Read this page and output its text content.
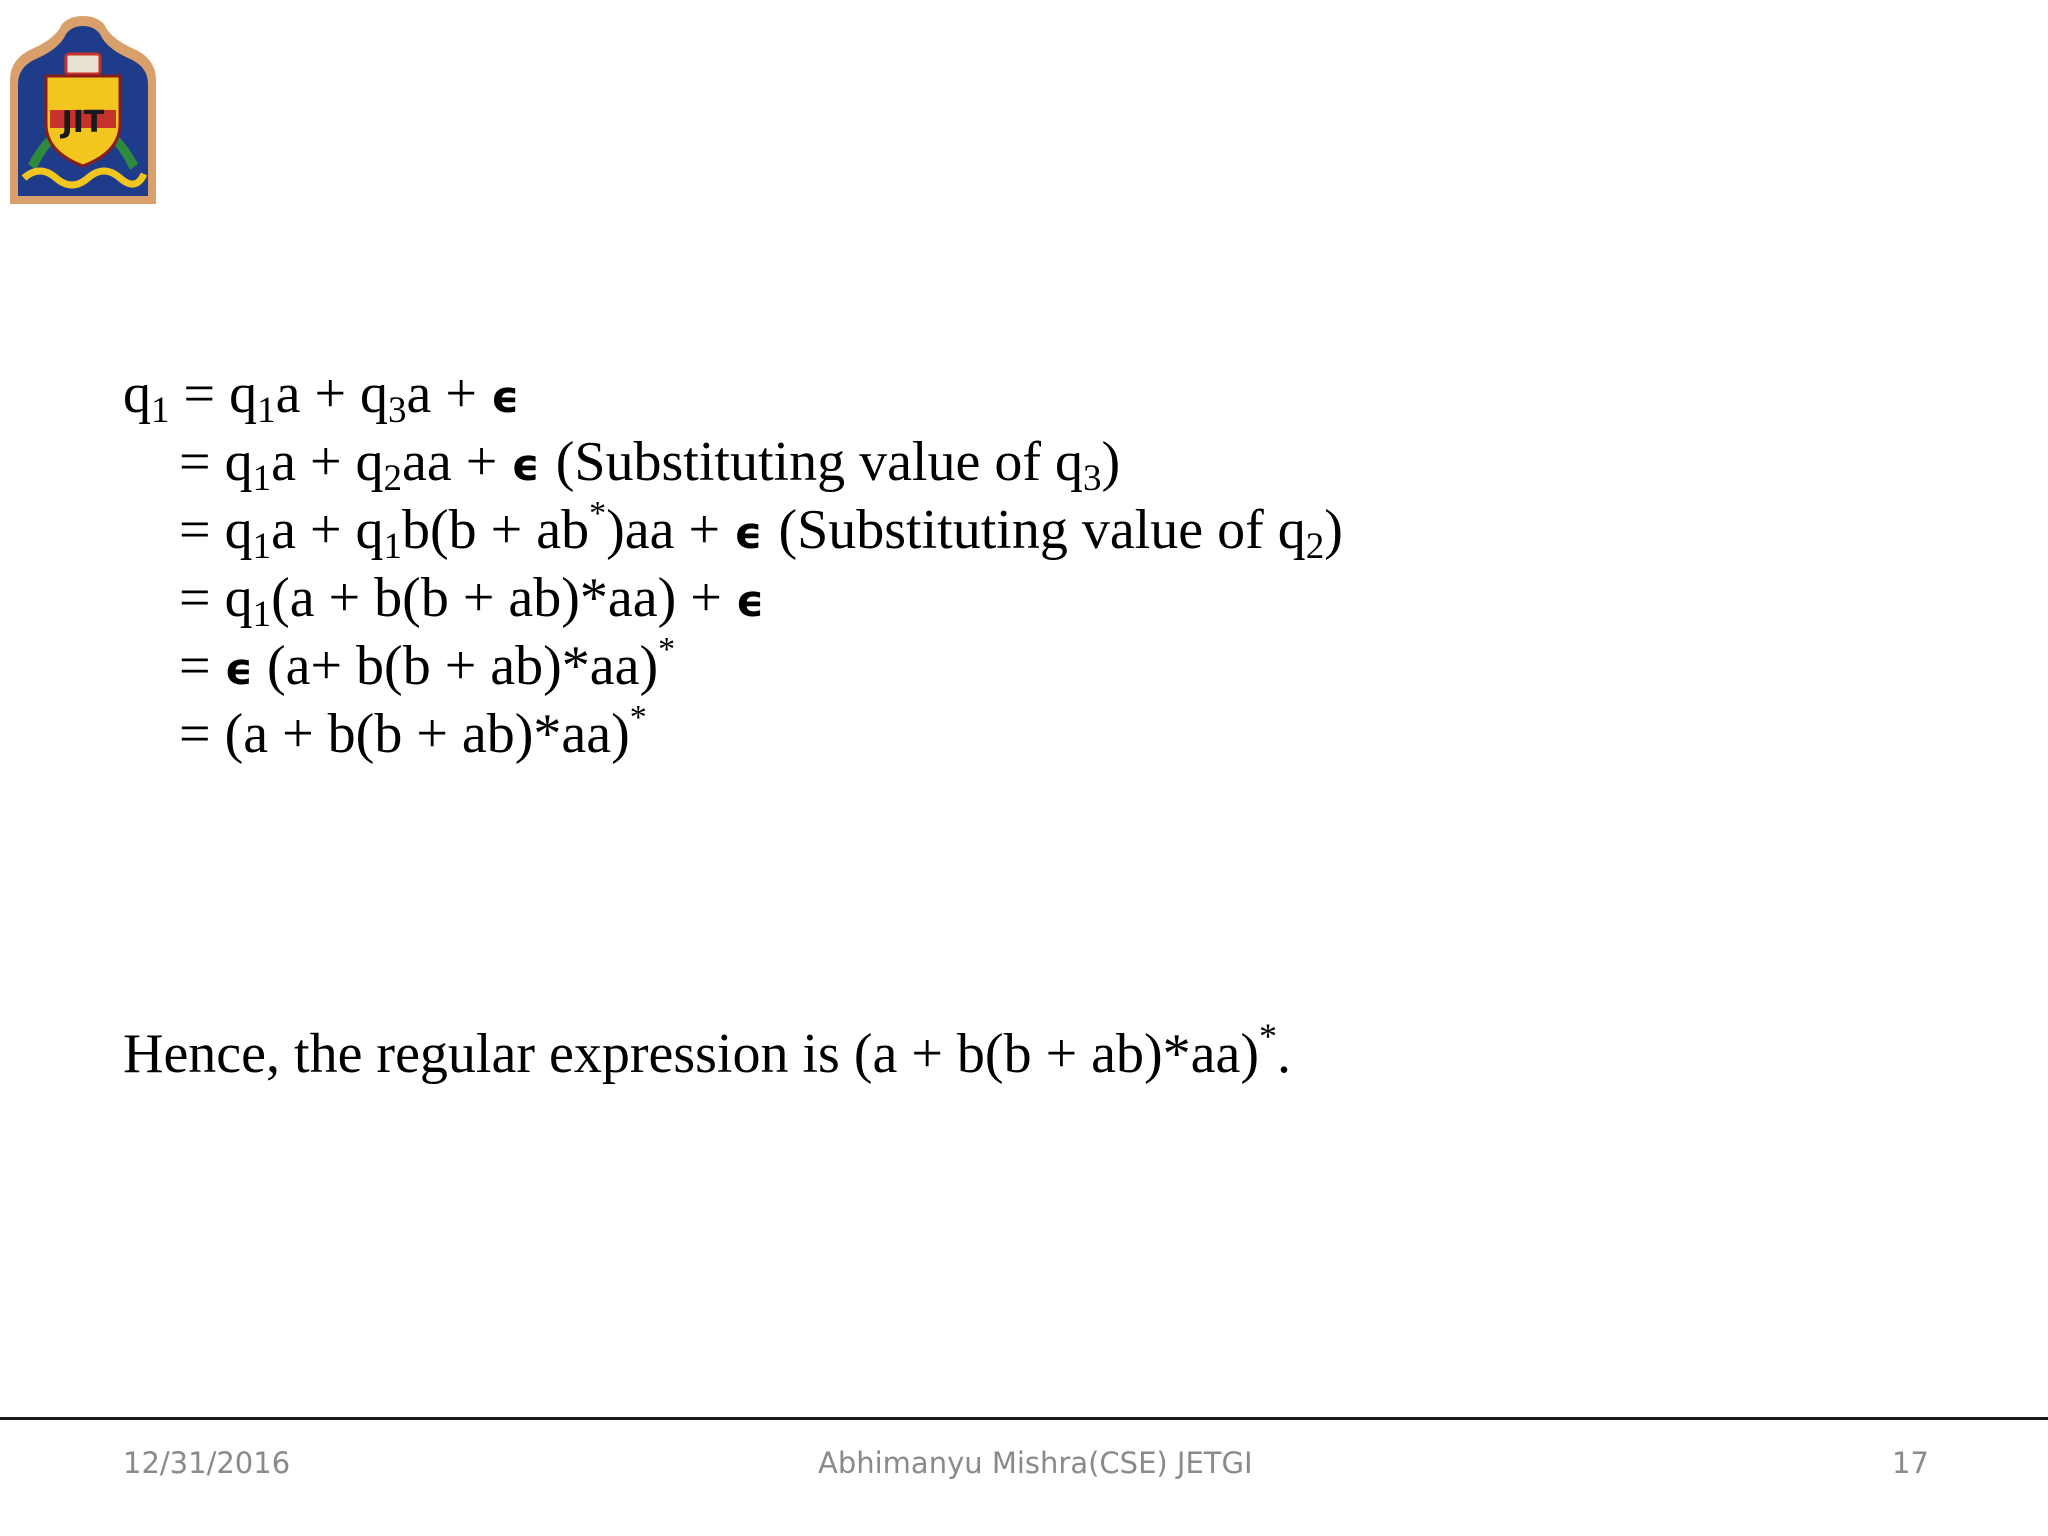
JIT
$q_1 = q_1a + q_3a + \epsilon$
= $q_1a + q_2aa + \epsilon$ (Substituting value of $q_3$)
= $q_1a + q_1b(b + ab^*)aa + \epsilon$ (Substituting value of $q_2$)
= $q_1(a + b(b + ab)*aa) + \epsilon$
= ϵ (a+ b(b + ab)*aa)*
= (a + b(b + ab)*aa)*
Hence, the regular expression is (a + b(b + ab)*aa)*.
12/31/2016	Abhimanyu Mishra(CSE) JETGI	17
